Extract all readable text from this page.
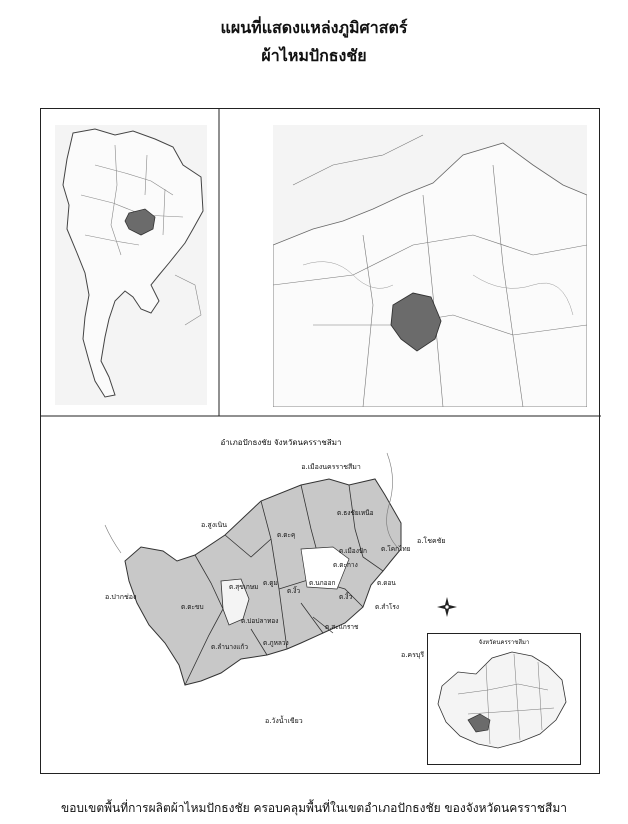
แผนที่แสดงแหล่งภูมิศาสตร์
ผ้าไหมปักธงชัย
อำเภอปักธงชัย จังหวัดนครราชสีมา
อ.เมืองนครราชสีมา
อ.สูงเนิน
อ.ปากช่อง
อ.โชคชัย
อ.ครบุรี
อ.วังน้ำเขียว
ต.ธงชัยเหนือ
ต.ตะคุ
ต.เมืองปัก ต.โคกไทย
ต.ตะกาง
ต.สุขเกษม ต.ตูม
ต.งิ้ว
ต.นกออก	ต.ดอน
ต.งิ้ว
ต.สำโรง
ต.บ่อปลาทอง
ต.ตะขบ
ต.สะแกราช
ต.ภูหลวง
ต.ลำนางแก้ว
จังหวัดนครราชสีมา
ขอบเขตพื้นที่การผลิตผ้าไหมปักธงชัย ครอบคลุมพื้นที่ในเขตอำเภอปักธงชัย ของจังหวัดนครราชสีมา
